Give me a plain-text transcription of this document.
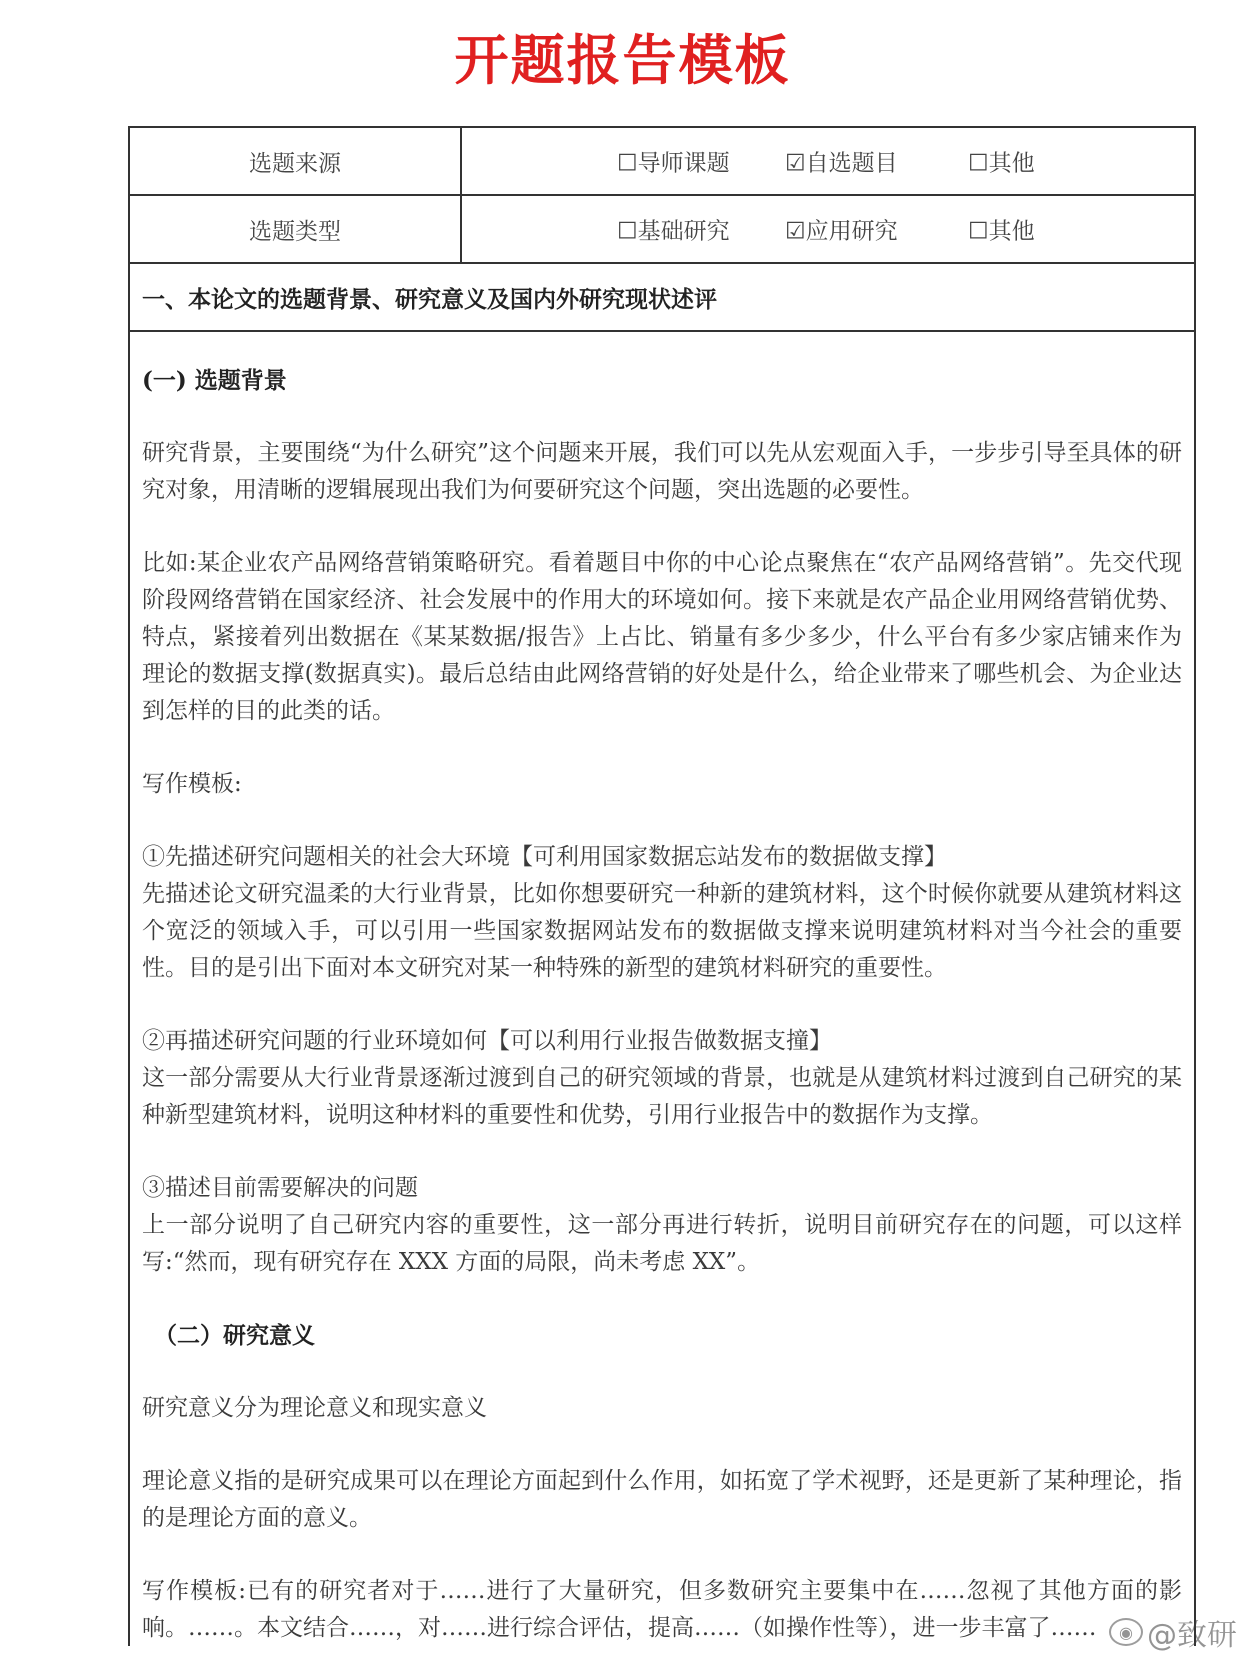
开题报告模板
选题来源	☐导师课题 ☑自选题目	☐其他
选题类型	☐基础研究 ☑应用研究	☐其他
一、本论文的选题背景、研究意义及国内外研究现状述评

(一) 选题背景

研究背景，主要围绕“为什么研究”这个问题来开展，我们可以先从宏观面入手，一步步引导至具体的研究对象，用清晰的逻辑展现出我们为何要研究这个问题，突出选题的必要性。

比如:某企业农产品网络营销策略研究。看着题目中你的中心论点聚焦在“农产品网络营销”。先交代现阶段网络营销在国家经济、社会发展中的作用大的环境如何。接下来就是农产品企业用网络营销优势、特点，紧接着列出数据在《某某数据/报告》上占比、销量有多少多少，什么平台有多少家店铺来作为理论的数据支撑(数据真实)。最后总结由此网络营销的好处是什么，给企业带来了哪些机会、为企业达到怎样的目的此类的话。

写作模板:

①先描述研究问题相关的社会大环境【可利用国家数据忘站发布的数据做支撑】
先描述论文研究温柔的大行业背景，比如你想要研究一种新的建筑材料，这个时候你就要从建筑材料这个宽泛的领域入手，可以引用一些国家数据网站发布的数据做支撑来说明建筑材料对当今社会的重要性。目的是引出下面对本文研究对某一种特殊的新型的建筑材料研究的重要性。
②再描述研究问题的行业环境如何【可以利用行业报告做数据支撞】
这一部分需要从大行业背景逐渐过渡到自己的研究领域的背景，也就是从建筑材料过渡到自己研究的某种新型建筑材料，说明这种材料的重要性和优势，引用行业报告中的数据作为支撑。
③描述目前需要解决的问题
上一部分说明了自己研究内容的重要性，这一部分再进行转折，说明目前研究存在的问题，可以这样写:“然而，现有研究存在 XXX 方面的局限，尚未考虑 XX”。

（二）研究意义

研究意义分为理论意义和现实意义

理论意义指的是研究成果可以在理论方面起到什么作用，如拓宽了学术视野，还是更新了某种理论，指的是理论方面的意义。

写作模板:已有的研究者对于……进行了大量研究，但多数研究主要集中在……忽视了其他方面的影响。……。本文结合……，对……进行综合评估，提高……（如操作性等），进一步丰富了……	◉ @致研
